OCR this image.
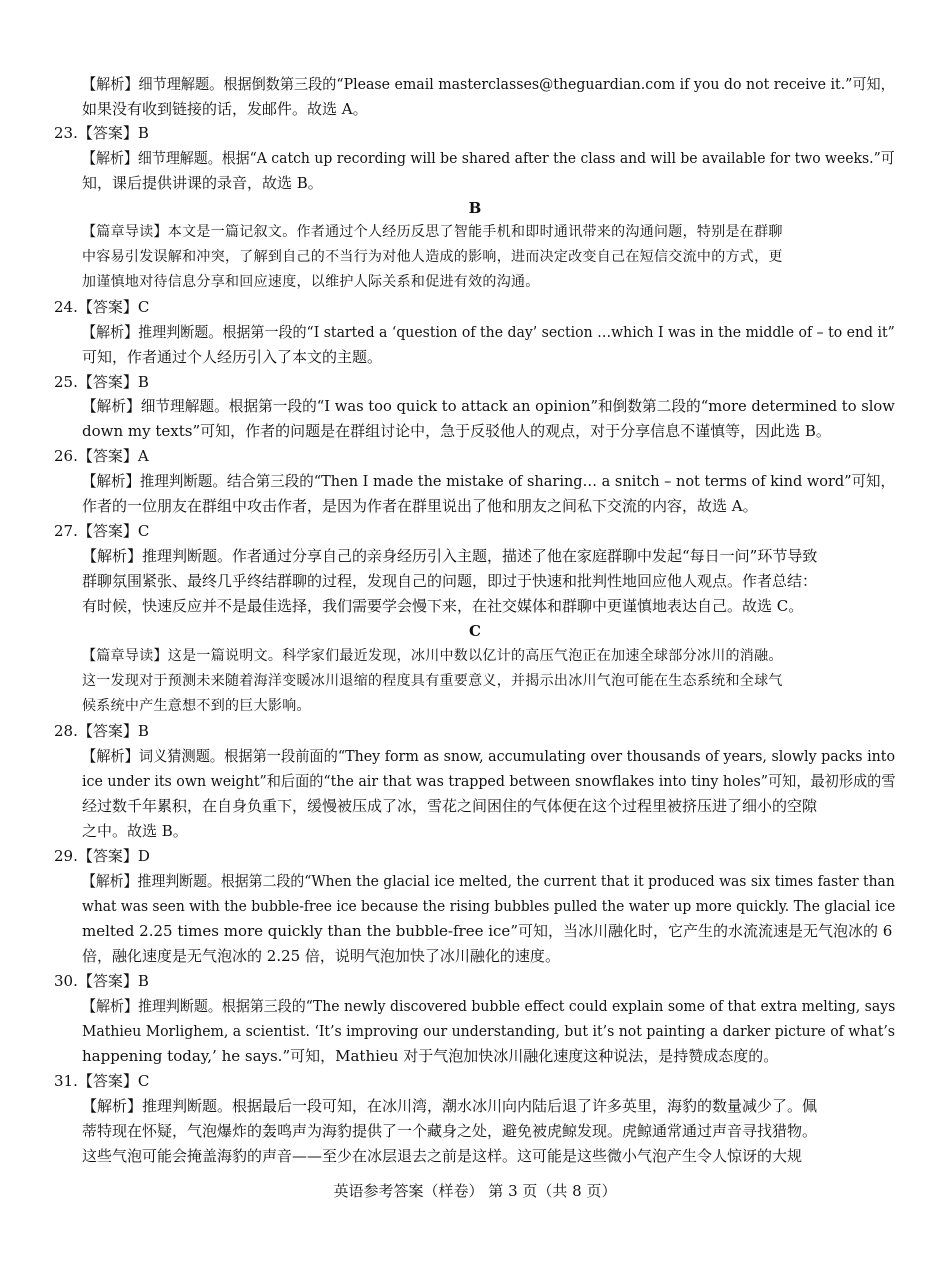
【解析】细节理解题。根据倒数第三段的“Please email masterclasses@theguardian.com if you do not receive it.”可知，
如果没有收到链接的话，发邮件。故选 A。
23.【答案】B
【解析】细节理解题。根据“A catch up recording will be shared after the class and will be available for two weeks.”可
知，课后提供讲课的录音，故选 B。
B
【篇章导读】本文是一篇记叙文。作者通过个人经历反思了智能手机和即时通讯带来的沟通问题，特别是在群聊
中容易引发误解和冲突，了解到自己的不当行为对他人造成的影响，进而决定改变自己在短信交流中的方式，更
加谨慎地对待信息分享和回应速度，以维护人际关系和促进有效的沟通。
24.【答案】C
【解析】推理判断题。根据第一段的“I started a ‘question of the day’ section …which I was in the middle of – to end it”
可知，作者通过个人经历引入了本文的主题。
25.【答案】B
【解析】细节理解题。根据第一段的“I was too quick to attack an opinion”和倒数第二段的“more determined to slow
down my texts”可知，作者的问题是在群组讨论中，急于反驳他人的观点，对于分享信息不谨慎等，因此选 B。
26.【答案】A
【解析】推理判断题。结合第三段的“Then I made the mistake of sharing… a snitch – not terms of kind word”可知，
作者的一位朋友在群组中攻击作者，是因为作者在群里说出了他和朋友之间私下交流的内容，故选 A。
27.【答案】C
【解析】推理判断题。作者通过分享自己的亲身经历引入主题，描述了他在家庭群聊中发起“每日一问”环节导致
群聊氛围紧张、最终几乎终结群聊的过程，发现自己的问题，即过于快速和批判性地回应他人观点。作者总结：
有时候，快速反应并不是最佳选择，我们需要学会慢下来，在社交媒体和群聊中更谨慎地表达自己。故选 C。
C
【篇章导读】这是一篇说明文。科学家们最近发现，冰川中数以亿计的高压气泡正在加速全球部分冰川的消融。
这一发现对于预测未来随着海洋变暖冰川退缩的程度具有重要意义，并揭示出冰川气泡可能在生态系统和全球气
候系统中产生意想不到的巨大影响。
28.【答案】B
【解析】词义猜测题。根据第一段前面的“They form as snow, accumulating over thousands of years, slowly packs into
ice under its own weight”和后面的“the air that was trapped between snowflakes into tiny holes”可知，最初形成的雪
经过数千年累积，在自身负重下，缓慢被压成了冰，雪花之间困住的气体便在这个过程里被挤压进了细小的空隙
之中。故选 B。
29.【答案】D
【解析】推理判断题。根据第二段的“When the glacial ice melted, the current that it produced was six times faster than
what was seen with the bubble-free ice because the rising bubbles pulled the water up more quickly. The glacial ice
melted 2.25 times more quickly than the bubble-free ice”可知，当冰川融化时，它产生的水流流速是无气泡冰的 6
倍，融化速度是无气泡冰的 2.25 倍，说明气泡加快了冰川融化的速度。
30.【答案】B
【解析】推理判断题。根据第三段的“The newly discovered bubble effect could explain some of that extra melting, says
Mathieu Morlighem, a scientist. ‘It’s improving our understanding, but it’s not painting a darker picture of what’s
happening today,’ he says.”可知，Mathieu 对于气泡加快冰川融化速度这种说法，是持赞成态度的。
31.【答案】C
【解析】推理判断题。根据最后一段可知，在冰川湾，潮水冰川向内陆后退了许多英里，海豹的数量减少了。佩
蒂特现在怀疑，气泡爆炸的轰鸣声为海豹提供了一个藏身之处，避免被虎鲸发现。虎鲸通常通过声音寻找猎物。
这些气泡可能会掩盖海豹的声音——至少在冰层退去之前是这样。这可能是这些微小气泡产生令人惊讶的大规
英语参考答案（样卷） 第 3 页（共 8 页）
